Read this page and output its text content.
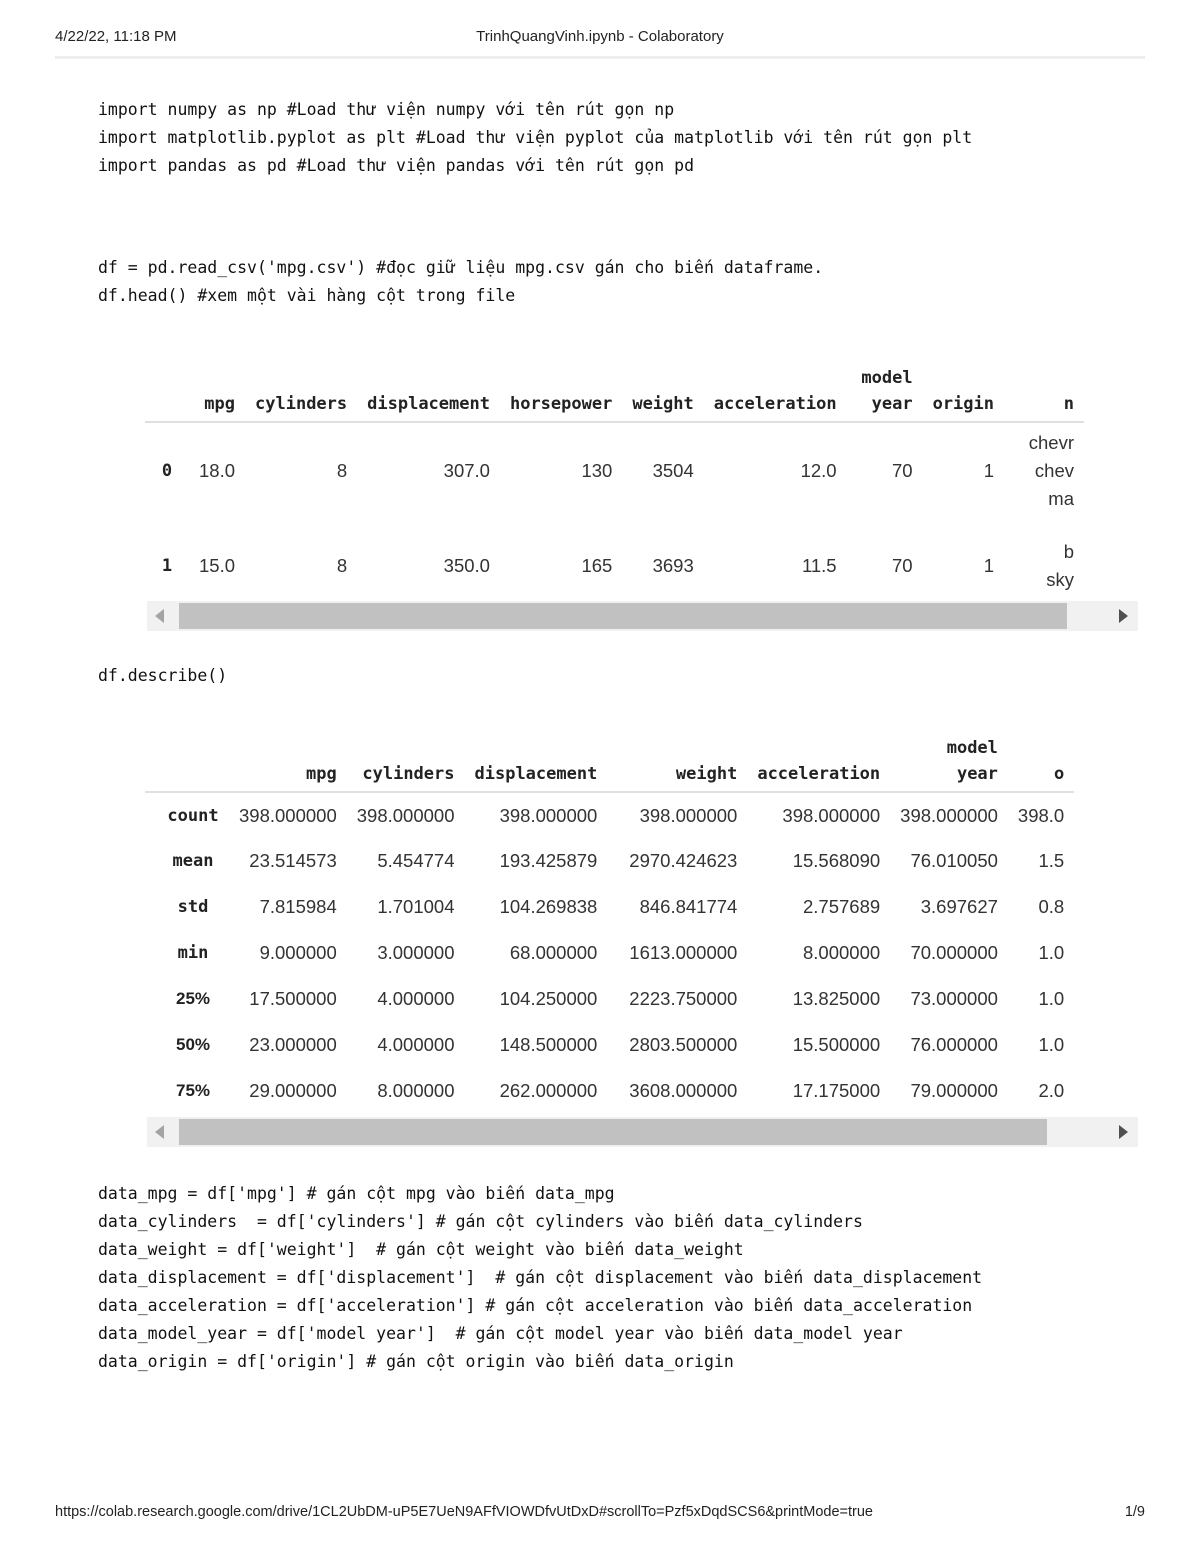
4/22/22, 11:18 PM	TrinhQuangVinh.ipynb - Colaboratory
import numpy as np #Load thư viện numpy với tên rút gọn np
import matplotlib.pyplot as plt #Load thư viện pyplot của matplotlib với tên rút gọn plt
import pandas as pd #Load thư viện pandas với tên rút gọn pd
df = pd.read_csv('mpg.csv') #đọc giữ liệu mpg.csv gán cho biến dataframe.
df.head() #xem một vài hàng cột trong file
	mpg	cylinders	displacement	horsepower	weight	acceleration	model year	origin	n
0	18.0	8	307.0	130	3504	12.0	70	1	chevr
chev
ma
1	15.0	8	350.0	165	3693	11.5	70	1	b
sky
df.describe()
	mpg	cylinders	displacement	weight	acceleration	model year	o
count	398.000000	398.000000	398.000000	398.000000	398.000000	398.000000	398.0
mean	23.514573	5.454774	193.425879	2970.424623	15.568090	76.010050	1.5
std	7.815984	1.701004	104.269838	846.841774	2.757689	3.697627	0.8
min	9.000000	3.000000	68.000000	1613.000000	8.000000	70.000000	1.0
25%	17.500000	4.000000	104.250000	2223.750000	13.825000	73.000000	1.0
50%	23.000000	4.000000	148.500000	2803.500000	15.500000	76.000000	1.0
75%	29.000000	8.000000	262.000000	3608.000000	17.175000	79.000000	2.0
data_mpg = df['mpg'] # gán cột mpg vào biến data_mpg
data_cylinders  = df['cylinders'] # gán cột cylinders vào biến data_cylinders
data_weight = df['weight']  # gán cột weight vào biến data_weight
data_displacement = df['displacement']  # gán cột displacement vào biến data_displacement
data_acceleration = df['acceleration'] # gán cột acceleration vào biến data_acceleration
data_model_year = df['model year']  # gán cột model year vào biến data_model year
data_origin = df['origin'] # gán cột origin vào biến data_origin
https://colab.research.google.com/drive/1CL2UbDM-uP5E7UeN9AFfVIOWDfvUtDxD#scrollTo=Pzf5xDqdSCS6&printMode=true	1/9
